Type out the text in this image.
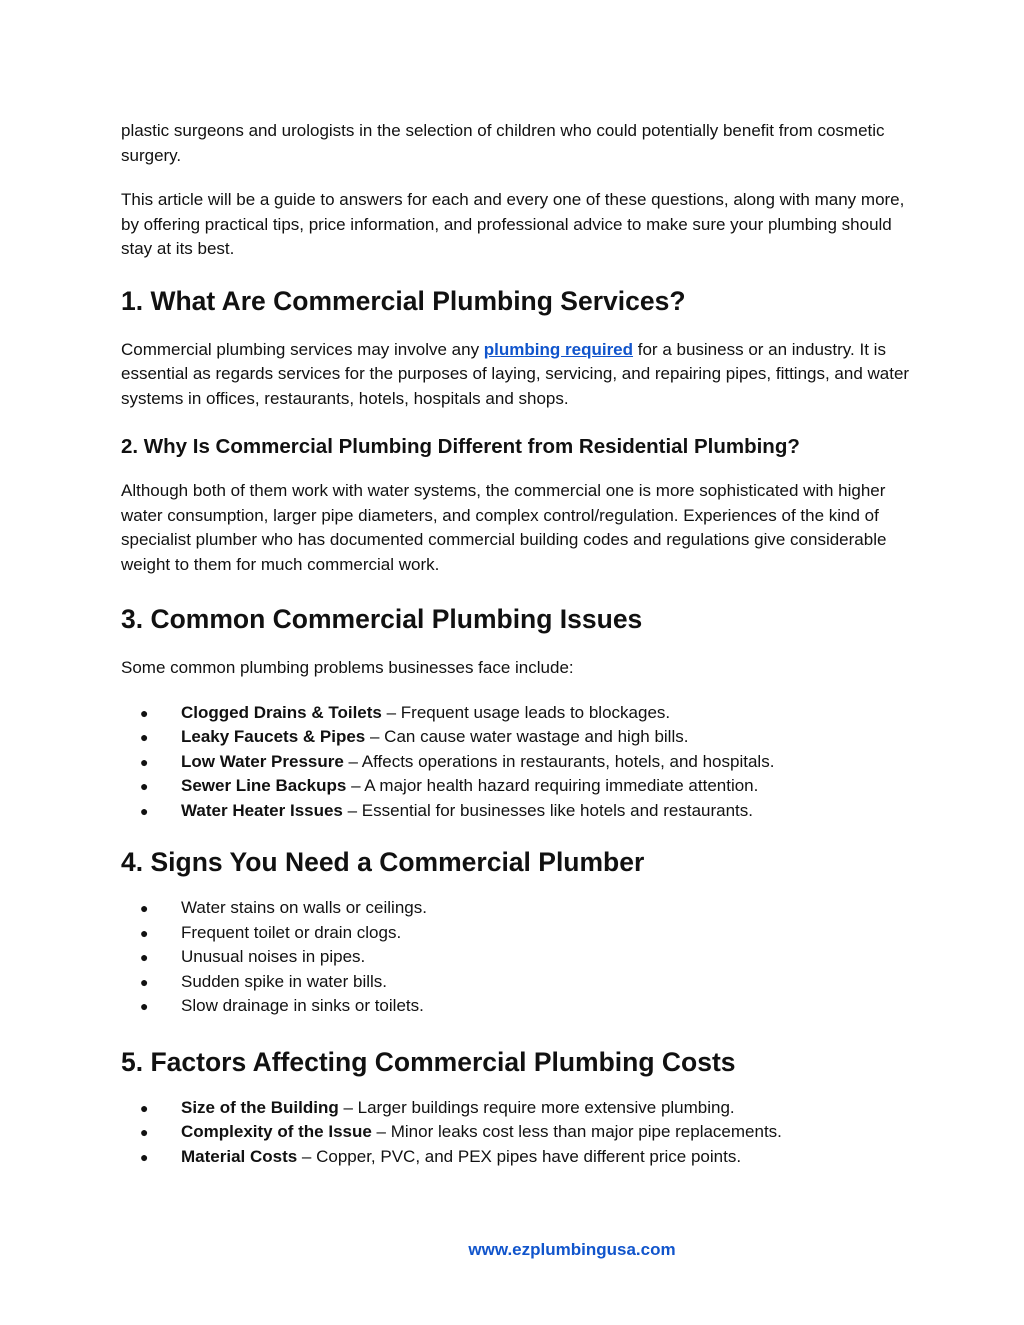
plastic surgeons and urologists in the selection of children who could potentially benefit from cosmetic surgery.

This article will be a guide to answers for each and every one of these questions, along with many more, by offering practical tips, price information, and professional advice to make sure your plumbing should stay at its best.

1. What Are Commercial Plumbing Services?

Commercial plumbing services may involve any plumbing required for a business or an industry. It is essential as regards services for the purposes of laying, servicing, and repairing pipes, fittings, and water systems in offices, restaurants, hotels, hospitals and shops.

2. Why Is Commercial Plumbing Different from Residential Plumbing?

Although both of them work with water systems, the commercial one is more sophisticated with higher water consumption, larger pipe diameters, and complex control/regulation. Experiences of the kind of specialist plumber who has documented commercial building codes and regulations give considerable weight to them for much commercial work.

3. Common Commercial Plumbing Issues

Some common plumbing problems businesses face include:

● Clogged Drains & Toilets – Frequent usage leads to blockages.
● Leaky Faucets & Pipes – Can cause water wastage and high bills.
● Low Water Pressure – Affects operations in restaurants, hotels, and hospitals.
● Sewer Line Backups – A major health hazard requiring immediate attention.
● Water Heater Issues – Essential for businesses like hotels and restaurants.
4. Signs You Need a Commercial Plumber
● Water stains on walls or ceilings.
● Frequent toilet or drain clogs.
● Unusual noises in pipes.
● Sudden spike in water bills.
● Slow drainage in sinks or toilets.
5. Factors Affecting Commercial Plumbing Costs
● Size of the Building – Larger buildings require more extensive plumbing.
● Complexity of the Issue – Minor leaks cost less than major pipe replacements.
● Material Costs – Copper, PVC, and PEX pipes have different price points.
www.ezplumbingusa.com
